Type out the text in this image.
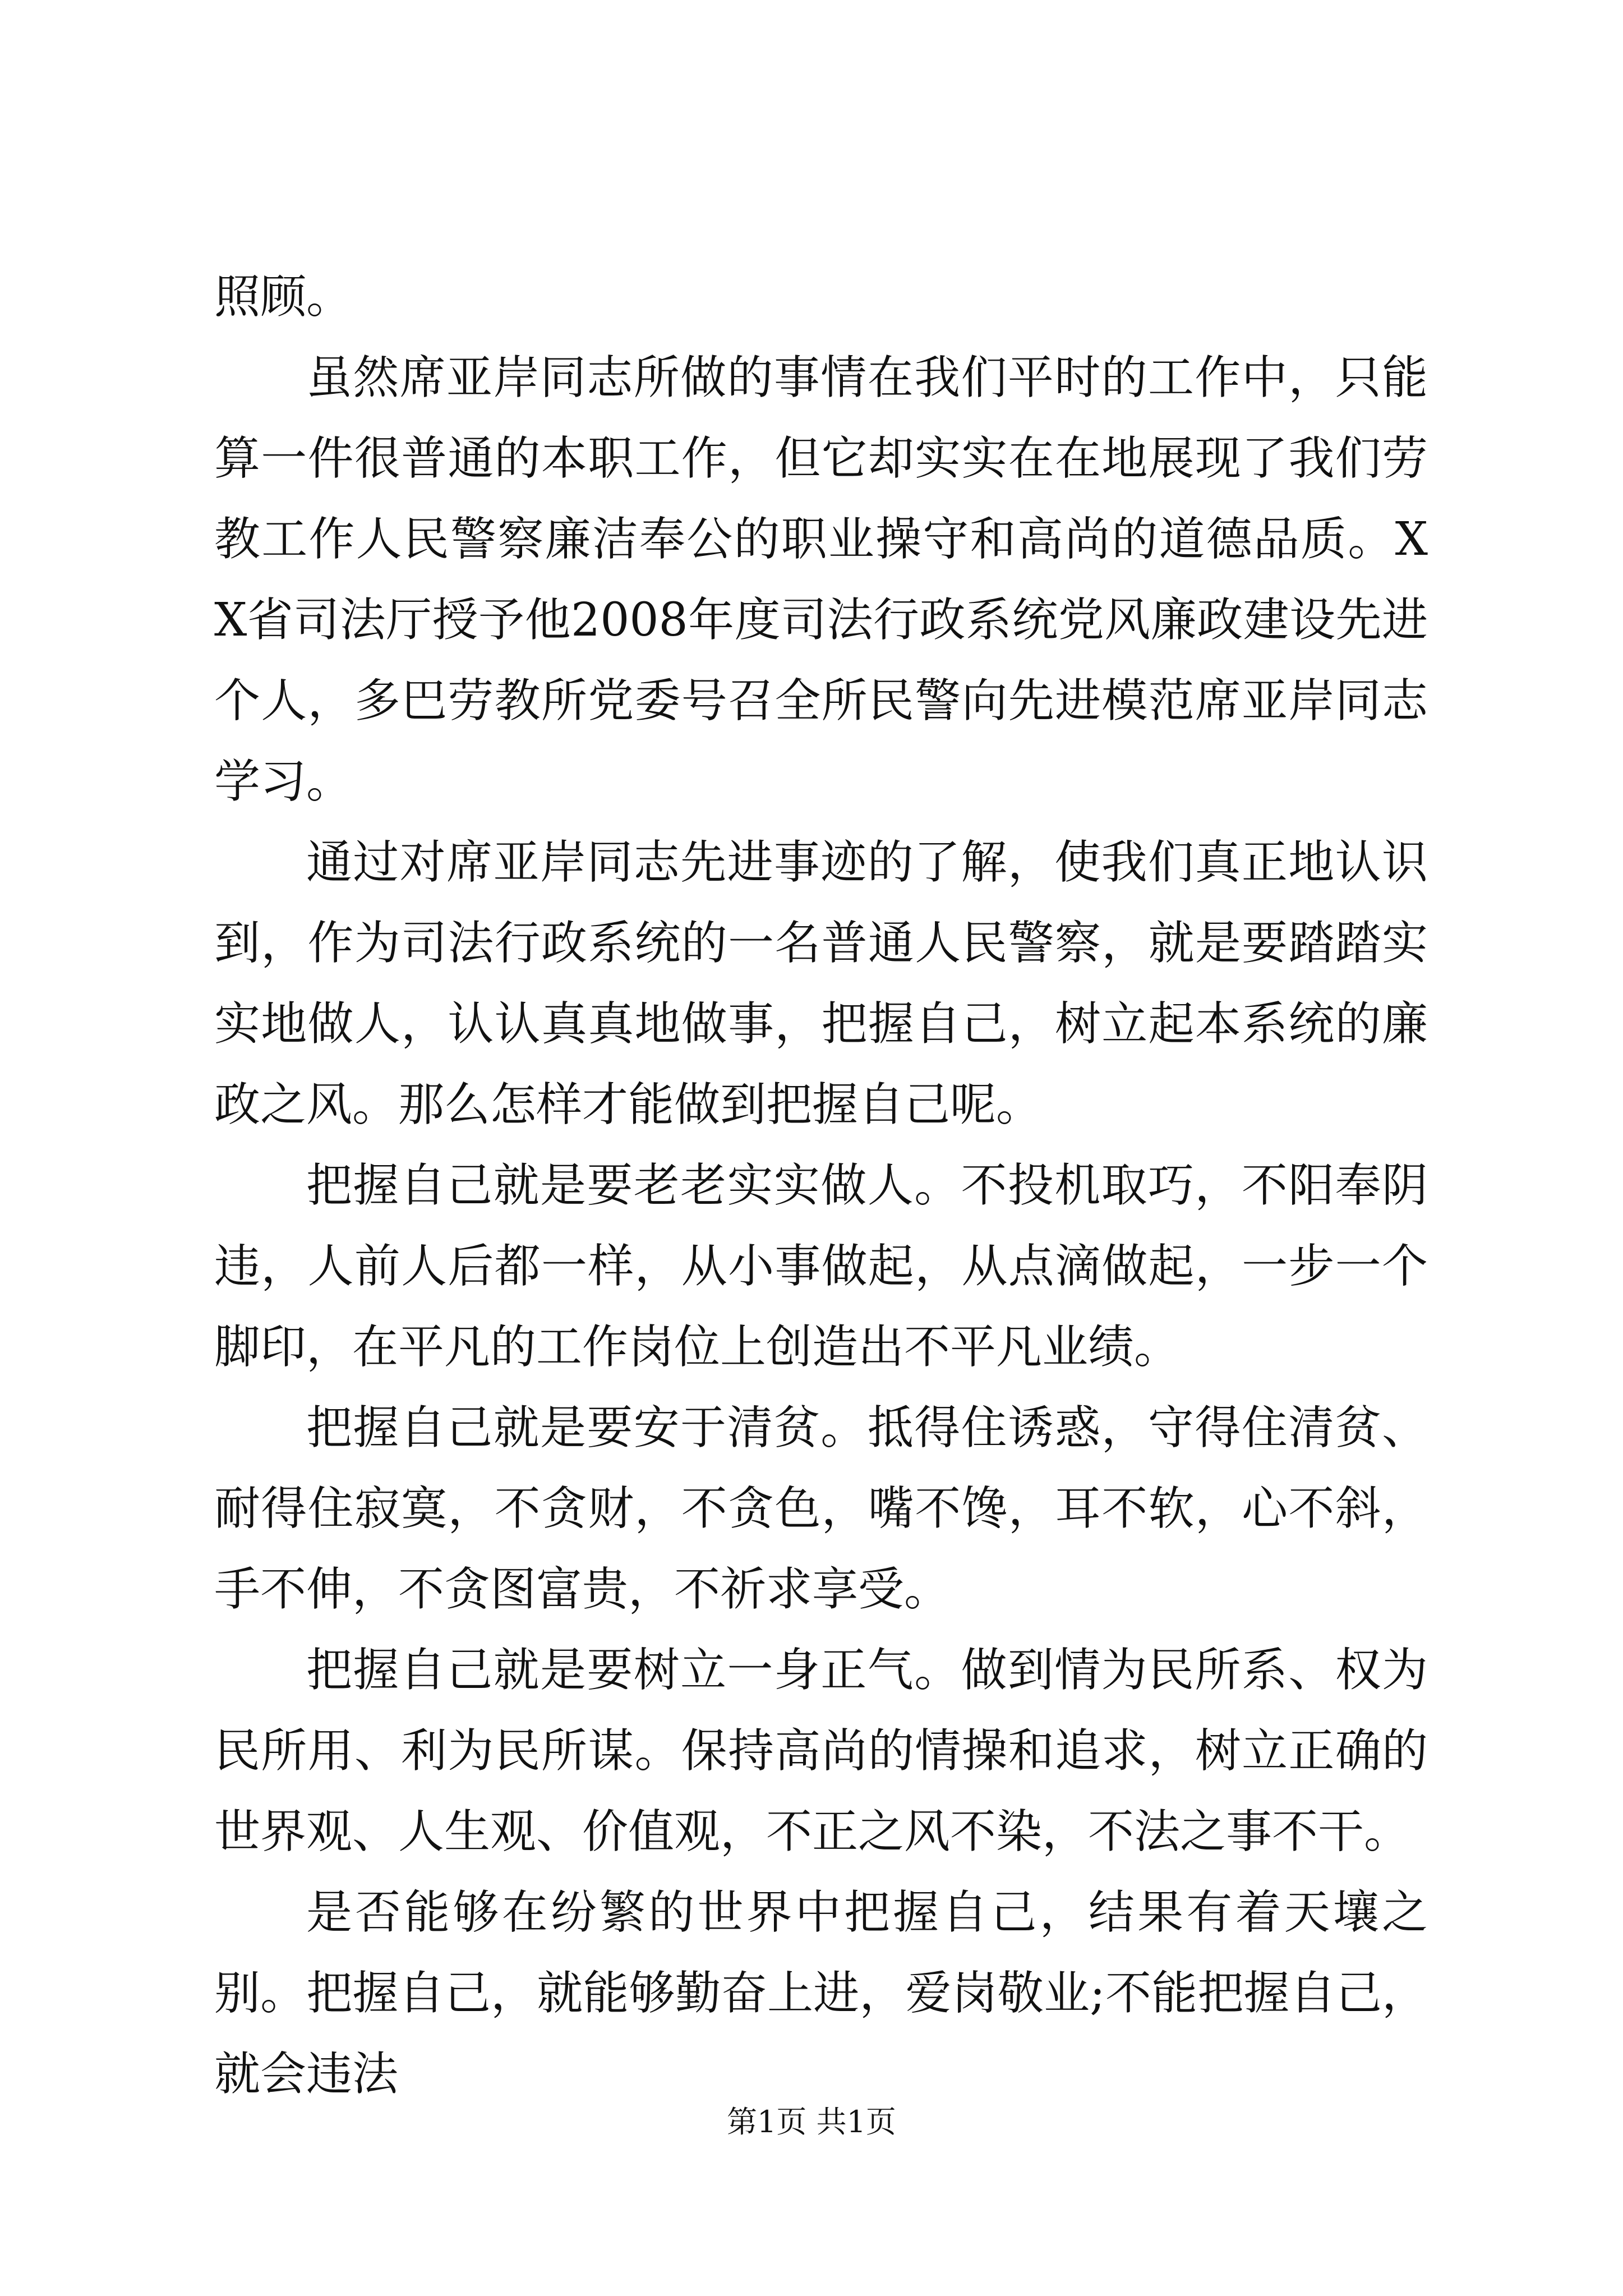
照顾。

虽然席亚岸同志所做的事情在我们平时的工作中，只能算一件很普通的本职工作，但它却实实在在地展现了我们劳教工作人民警察廉洁奉公的职业操守和高尚的道德品质。XX省司法厅授予他2008年度司法行政系统党风廉政建设先进个人，多巴劳教所党委号召全所民警向先进模范席亚岸同志学习。

通过对席亚岸同志先进事迹的了解，使我们真正地认识到，作为司法行政系统的一名普通人民警察，就是要踏踏实实地做人，认认真真地做事，把握自己，树立起本系统的廉政之风。那么怎样才能做到把握自己呢。

把握自己就是要老老实实做人。不投机取巧，不阳奉阴违，人前人后都一样，从小事做起，从点滴做起，一步一个脚印，在平凡的工作岗位上创造出不平凡业绩。

把握自己就是要安于清贫。抵得住诱惑，守得住清贫、耐得住寂寞，不贪财，不贪色，嘴不馋，耳不软，心不斜，手不伸，不贪图富贵，不祈求享受。

把握自己就是要树立一身正气。做到情为民所系、权为民所用、利为民所谋。保持高尚的情操和追求，树立正确的世界观、人生观、价值观，不正之风不染，不法之事不干。

是否能够在纷繁的世界中把握自己，结果有着天壤之别。把握自己，就能够勤奋上进，爱岗敬业;不能把握自己，就会违法

第1页 共1页
